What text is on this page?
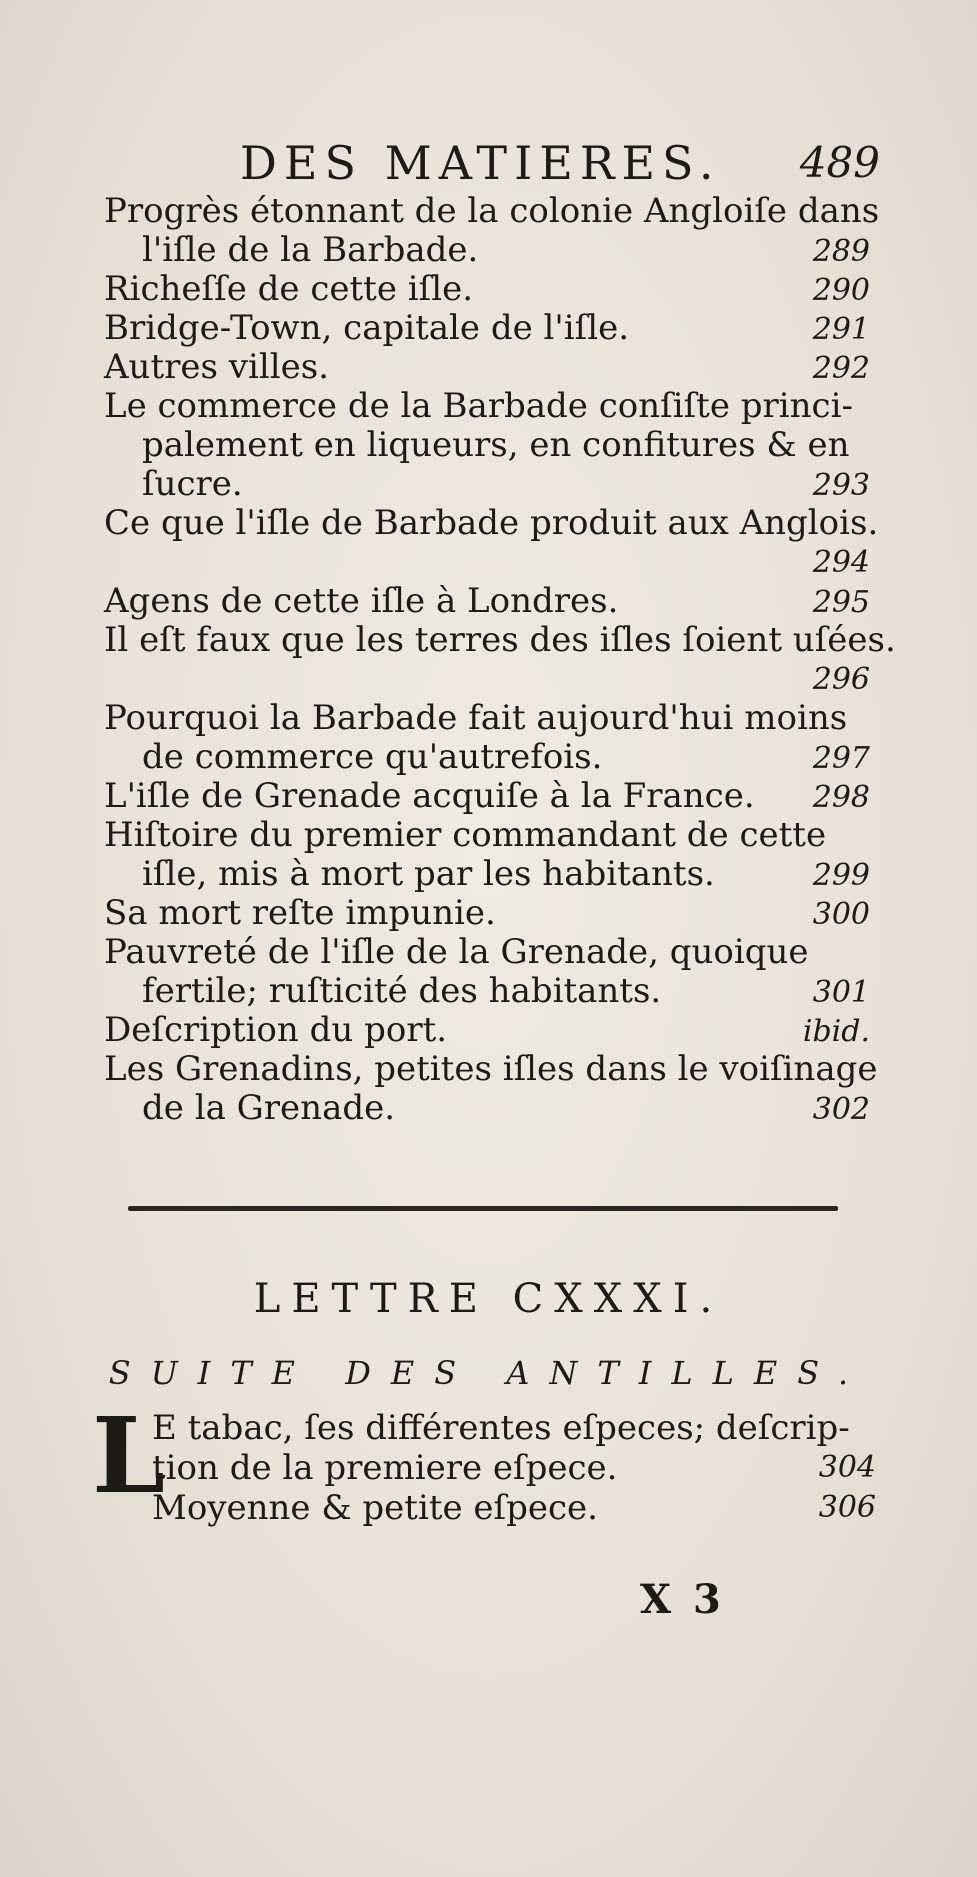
DES MATIERES. 489
Progrès étonnant de la colonie Angloiſe dans
l'iſle de la Barbade.	289
Richeſſe de cette iſle.	290
Bridge-Town, capitale de l'iſle.	291
Autres villes.	292
Le commerce de la Barbade conſiſte princi-
palement en liqueurs, en confitures & en
ſucre.	293
Ce que l'iſle de Barbade produit aux Anglois.
294
Agens de cette iſle à Londres.	295
Il eſt faux que les terres des iſles ſoient uſées.
296
Pourquoi la Barbade fait aujourd'hui moins
de commerce qu'autrefois.	297
L'iſle de Grenade acquiſe à la France. 298
Hiſtoire du premier commandant de cette
iſle, mis à mort par les habitants.	299
Sa mort reſte impunie.	300
Pauvreté de l'iſle de la Grenade, quoique
fertile; ruſticité des habitants.	301
Deſcription du port.	ibid.
Les Grenadins, petites iſles dans le voiſinage
de la Grenade.	302
LETTRE CXXXI.
SUITE DES ANTILLES.
L
E tabac, ſes différentes eſpeces; deſcrip-
tion de la premiere eſpece.	304
Moyenne & petite eſpece.	306
X 3
